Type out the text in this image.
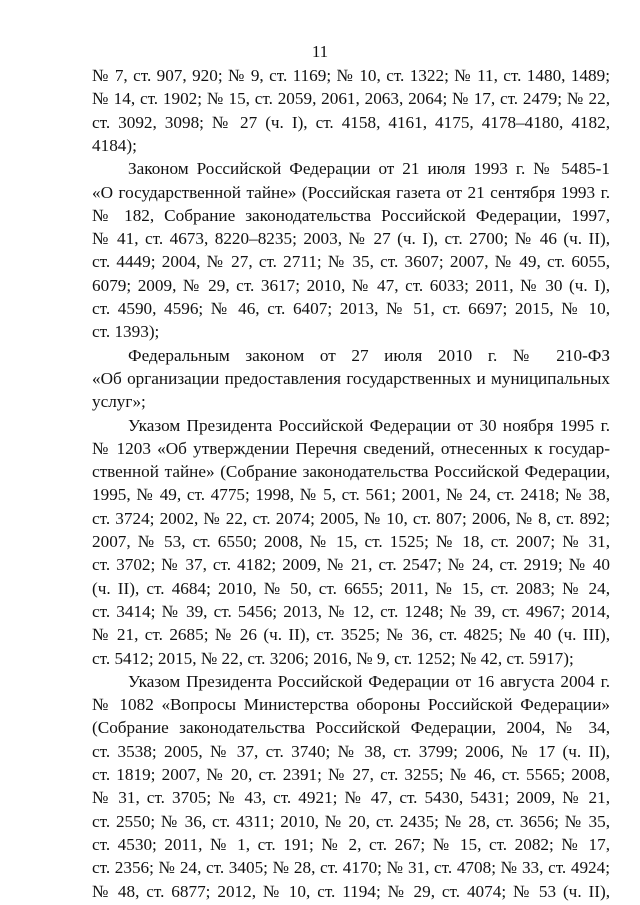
11
№ 7, ст. 907, 920; № 9, ст. 1169; № 10, ст. 1322; № 11, ст. 1480, 1489;
№ 14, ст. 1902; № 15, ст. 2059, 2061, 2063, 2064; № 17, ст. 2479; № 22,
ст. 3092, 3098; № 27 (ч. I), ст. 4158, 4161, 4175, 4178–4180, 4182,
4184);
Законом Российской Федерации от 21 июля 1993 г. № 5485-1
«О государственной тайне» (Российская газета от 21 сентября 1993 г.
№ 182, Собрание законодательства Российской Федерации, 1997,
№ 41, ст. 4673, 8220–8235; 2003, № 27 (ч. I), ст. 2700; № 46 (ч. II),
ст. 4449; 2004, № 27, ст. 2711; № 35, ст. 3607; 2007, № 49, ст. 6055,
6079; 2009, № 29, ст. 3617; 2010, № 47, ст. 6033; 2011, № 30 (ч. I),
ст. 4590, 4596; № 46, ст. 6407; 2013, № 51, ст. 6697; 2015, № 10,
ст. 1393);
Федеральным законом от 27 июля 2010 г. № 210-ФЗ
«Об организации предоставления государственных и муниципальных
услуг»;
Указом Президента Российской Федерации от 30 ноября 1995 г.
№ 1203 «Об утверждении Перечня сведений, отнесенных к государ-
ственной тайне» (Собрание законодательства Российской Федерации,
1995, № 49, ст. 4775; 1998, № 5, ст. 561; 2001, № 24, ст. 2418; № 38,
ст. 3724; 2002, № 22, ст. 2074; 2005, № 10, ст. 807; 2006, № 8, ст. 892;
2007, № 53, ст. 6550; 2008, № 15, ст. 1525; № 18, ст. 2007; № 31,
ст. 3702; № 37, ст. 4182; 2009, № 21, ст. 2547; № 24, ст. 2919; № 40
(ч. II), ст. 4684; 2010, № 50, ст. 6655; 2011, № 15, ст. 2083; № 24,
ст. 3414; № 39, ст. 5456; 2013, № 12, ст. 1248; № 39, ст. 4967; 2014,
№ 21, ст. 2685; № 26 (ч. II), ст. 3525; № 36, ст. 4825; № 40 (ч. III),
ст. 5412; 2015, № 22, ст. 3206; 2016, № 9, ст. 1252; № 42, ст. 5917);
Указом Президента Российской Федерации от 16 августа 2004 г.
№ 1082 «Вопросы Министерства обороны Российской Федерации»
(Собрание законодательства Российской Федерации, 2004, № 34,
ст. 3538; 2005, № 37, ст. 3740; № 38, ст. 3799; 2006, № 17 (ч. II),
ст. 1819; 2007, № 20, ст. 2391; № 27, ст. 3255; № 46, ст. 5565; 2008,
№ 31, ст. 3705; № 43, ст. 4921; № 47, ст. 5430, 5431; 2009, № 21,
ст. 2550; № 36, ст. 4311; 2010, № 20, ст. 2435; № 28, ст. 3656; № 35,
ст. 4530; 2011, № 1, ст. 191; № 2, ст. 267; № 15, ст. 2082; № 17,
ст. 2356; № 24, ст. 3405; № 28, ст. 4170; № 31, ст. 4708; № 33, ст. 4924;
№ 48, ст. 6877; 2012, № 10, ст. 1194; № 29, ст. 4074; № 53 (ч. II),
